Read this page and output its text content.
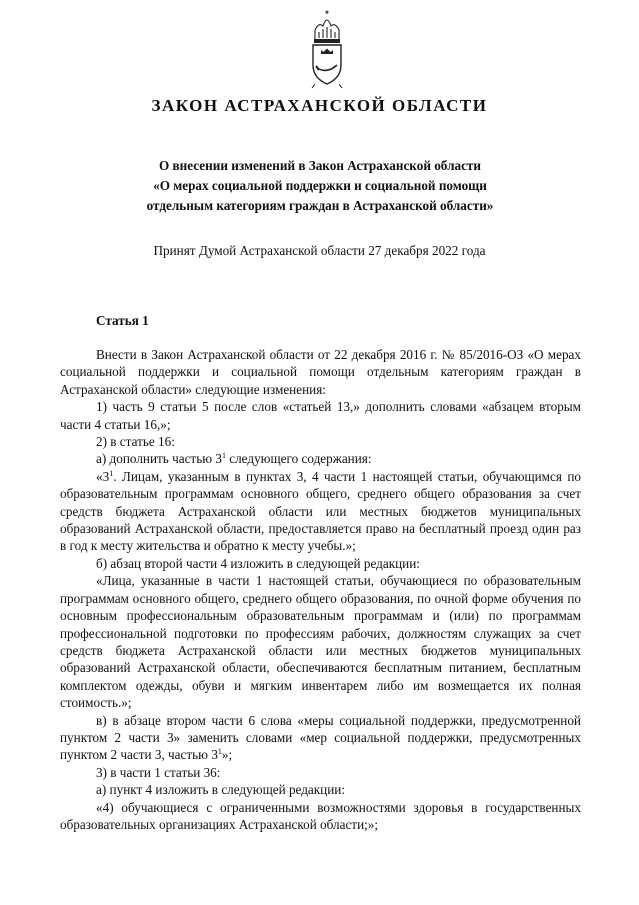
ЗАКОН АСТРАХАНСКОЙ ОБЛАСТИ
О внесении изменений в Закон Астраханской области
«О мерах социальной поддержки и социальной помощи
отдельным категориям граждан в Астраханской области»
Принят Думой Астраханской области 27 декабря 2022 года
Статья 1

Внести в Закон Астраханской области от 22 декабря 2016 г. № 85/2016-ОЗ «О мерах социальной поддержки и социальной помощи отдельным категориям граждан в Астраханской области» следующие изменения:

1) часть 9 статьи 5 после слов «статьей 13,» дополнить словами «абзацем вторым части 4 статьи 16,»;

2) в статье 16:

а) дополнить частью $3^1$ следующего содержания:

«$3^1$. Лицам, указанным в пунктах 3, 4 части 1 настоящей статьи, обучающимся по образовательным программам основного общего, среднего общего образования за счет средств бюджета Астраханской области или местных бюджетов муниципальных образований Астраханской области, предоставляется право на бесплатный проезд один раз в год к месту жительства и обратно к месту учебы.»;

б) абзац второй части 4 изложить в следующей редакции:

«Лица, указанные в части 1 настоящей статьи, обучающиеся по образовательным программам основного общего, среднего общего образования, по очной форме обучения по основным профессиональным образовательным программам и (или) по программам профессиональной подготовки по профессиям рабочих, должностям служащих за счет средств бюджета Астраханской области или местных бюджетов муниципальных образований Астраханской области, обеспечиваются бесплатным питанием, бесплатным комплектом одежды, обуви и мягким инвентарем либо им возмещается их полная стоимость.»;

в) в абзаце втором части 6 слова «меры социальной поддержки, предусмотренной пунктом 2 части 3» заменить словами «мер социальной поддержки, предусмотренных пунктом 2 части 3, частью $3^1$»;

3) в части 1 статьи 36:

а) пункт 4 изложить в следующей редакции:

«4) обучающиеся с ограниченными возможностями здоровья в государственных образовательных организациях Астраханской области;»;
